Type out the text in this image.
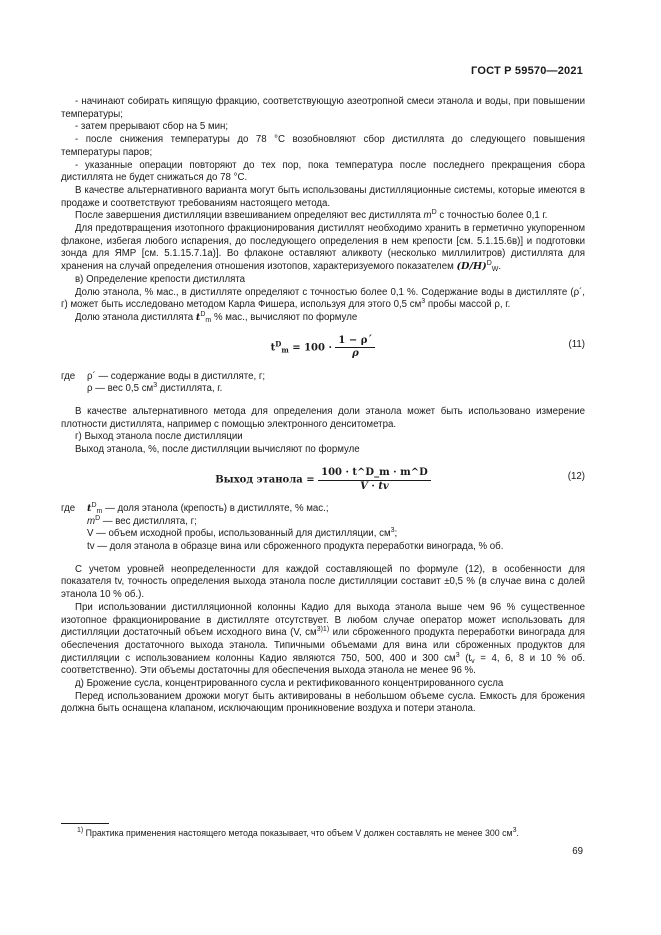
ГОСТ Р 59570—2021

- начинают собирать кипящую фракцию, соответствующую азеотропной смеси этанола и воды, при повышении температуры;

- затем прерывают сбор на 5 мин;

- после снижения температуры до 78 °C возобновляют сбор дистиллята до следующего повышения температуры паров;

- указанные операции повторяют до тех пор, пока температура после последнего прекращения сбора дистиллята не будет снижаться до 78 °C.

В качестве альтернативного варианта могут быть использованы дистилляционные системы, которые имеются в продаже и соответствуют требованиям настоящего метода.

После завершения дистилляции взвешиванием определяют вес дистиллята $m^D$ с точностью более 0,1 г.

Для предотвращения изотопного фракционирования дистиллят необходимо хранить в герметично укупоренном флаконе, избегая любого испарения, до последующего определения в нем крепости [см. 5.1.15.6в)] и подготовки зонда для ЯМР [см. 5.1.15.7.1а)]. Во флаконе оставляют аликвоту (несколько миллилитров) дистиллята для хранения на случай определения отношения изотопов, характеризуемого показателем $(D/H)^D_W$.

в) Определение крепости дистиллята

Долю этанола, % мас., в дистилляте определяют с точностью более 0,1 %. Содержание воды в дистилляте (ρ´, г) может быть исследовано методом Карла Фишера, используя для этого 0,5 $см^3$ пробы массой ρ, г.

Долю этанола дистиллята $t^D_m$ % мас., вычисляют по формуле

$t^D_m = 100 \cdot \frac{1 - \rho´}{\rho}$	(11)
где	ρ´ — содержание воды в дистилляте, г;
ρ — вес 0,5 $см^3$ дистиллята, г.

В качестве альтернативного метода для определения доли этанола может быть использовано измерение плотности дистиллята, например с помощью электронного денситометра.

г) Выход этанола после дистилляции

Выход этанола, %, после дистилляции вычисляют по формуле

Выход этанола = $\frac{100 \cdot t\^{}D\_m \cdot m\^{}D}{V \cdot tv}$	(12)
где	$t^D_m$ — доля этанола (крепость) в дистилляте, % мас.;
$m^D$ — вес дистиллята, г;
V — объем исходной пробы, использованный для дистилляции, $см^3$;
tv — доля этанола в образце вина или сброженного продукта переработки винограда, % об.

С учетом уровней неопределенности для каждой составляющей по формуле (12), в особенности для показателя tv, точность определения выхода этанола после дистилляции составит ±0,5 % (в случае вина с долей этанола 10 % об.).

При использовании дистилляционной колонны Кадио для выхода этанола выше чем 96 % существенное изотопное фракционирование в дистилляте отсутствует. В любом случае оператор может использовать для дистилляции достаточный объем исходного вина (V, $см^{3)1)}$ или сброженного продукта переработки винограда для обеспечения достаточного выхода этанола. Типичными объемами для вина или сброженных продуктов для дистилляции с использованием колонны Кадио являются 750, 500, 400 и 300 $см^3$ ($t_v = 4$, 6, 8 и 10 % об. соответственно). Эти объемы достаточны для обеспечения выхода этанола не менее 96 %.

д) Брожение сусла, концентрированного сусла и ректификованного концентрированного сусла

Перед использованием дрожжи могут быть активированы в небольшом объеме сусла. Емкость для брожения должна быть оснащена клапаном, исключающим проникновение воздуха и потери этанола.

$^{1)}$ Практика применения настоящего метода показывает, что объем V должен составлять не менее 300 $см^3$.
69
